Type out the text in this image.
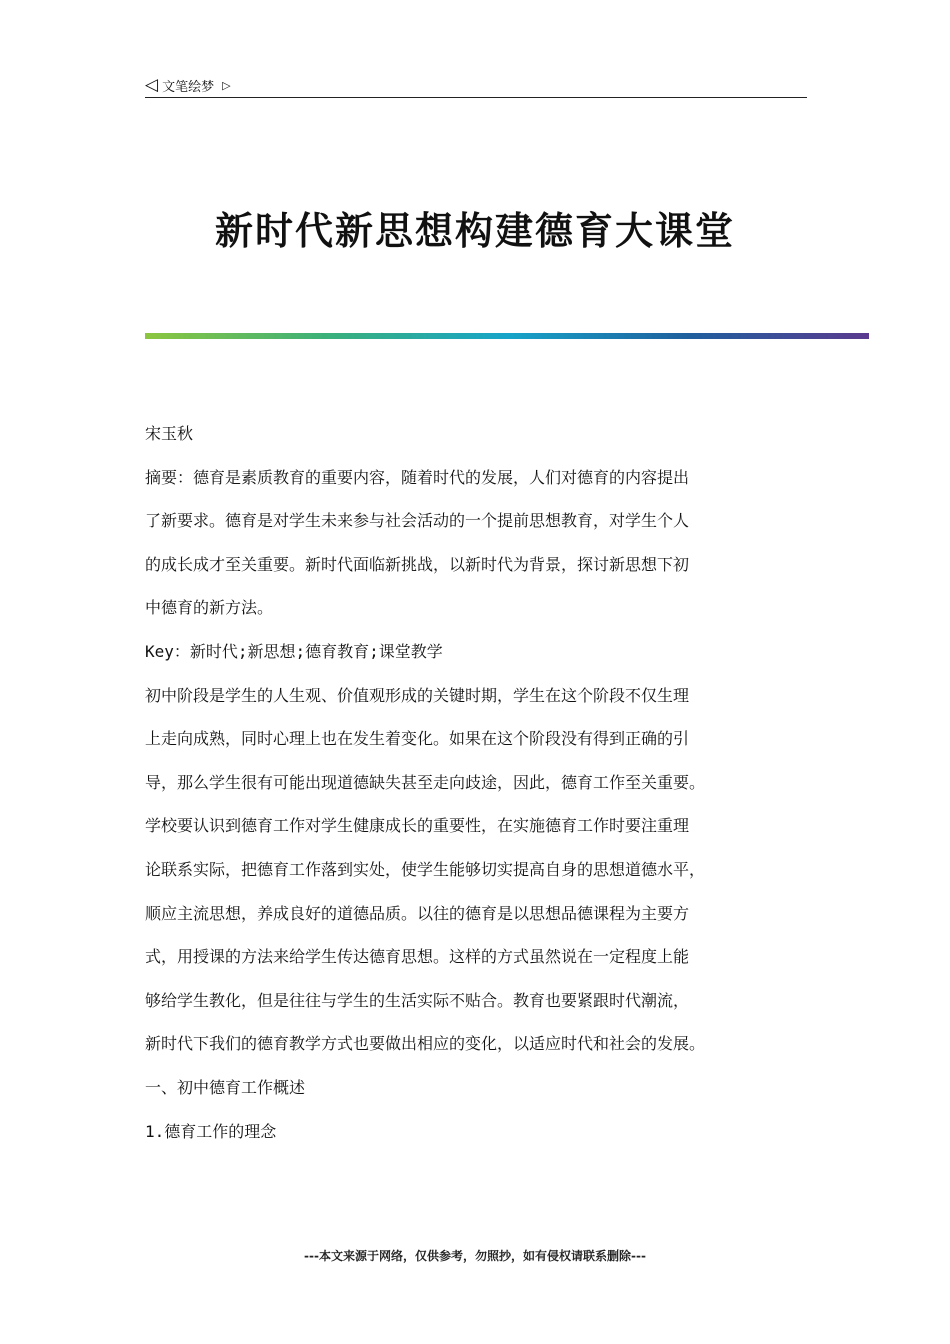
◁ 文笔绘梦 ▷
新时代新思想构建德育大课堂
宋玉秋
摘要：德育是素质教育的重要内容，随着时代的发展，人们对德育的内容提出
了新要求。德育是对学生未来参与社会活动的一个提前思想教育，对学生个人
的成长成才至关重要。新时代面临新挑战，以新时代为背景，探讨新思想下初
中德育的新方法。
Key：新时代;新思想;德育教育;课堂教学
初中阶段是学生的人生观、价值观形成的关键时期，学生在这个阶段不仅生理
上走向成熟，同时心理上也在发生着变化。如果在这个阶段没有得到正确的引
导，那么学生很有可能出现道德缺失甚至走向歧途，因此，德育工作至关重要。
学校要认识到德育工作对学生健康成长的重要性，在实施德育工作时要注重理
论联系实际，把德育工作落到实处，使学生能够切实提高自身的思想道德水平，
顺应主流思想，养成良好的道德品质。以往的德育是以思想品德课程为主要方
式，用授课的方法来给学生传达德育思想。这样的方式虽然说在一定程度上能
够给学生教化，但是往往与学生的生活实际不贴合。教育也要紧跟时代潮流，
新时代下我们的德育教学方式也要做出相应的变化，以适应时代和社会的发展。
一、初中德育工作概述
1.德育工作的理念
---本文来源于网络，仅供参考，勿照抄，如有侵权请联系删除---
